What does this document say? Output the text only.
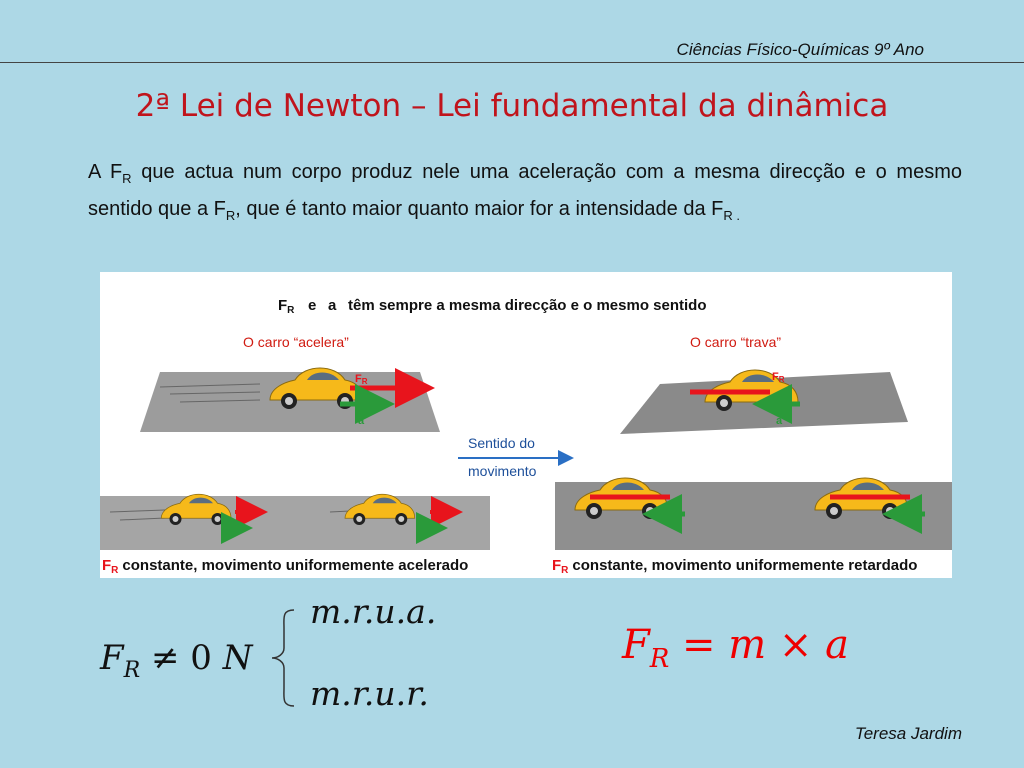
Ciências Físico-Químicas 9º Ano
2ª Lei de Newton – Lei fundamental da dinâmica
A $F_R$ que actua num corpo produz nele uma aceleração com a mesma direcção e o mesmo sentido que a $F_R$, que é tanto maior quanto maior for a intensidade da $F_{R .}$
$F_R$ e a têm sempre a mesma direcção e o mesmo sentido
O carro “acelera”	O carro “trava”
FR
a
FR
a
Sentido do
movimento
$F_R$ constante, movimento uniformemente acelerado	$F_R$ constante, movimento uniformemente retardado
$F_R \ne 0$ N
m.r.u.a.
m.r.u.r.
$F_R = m \times a$
Teresa Jardim
